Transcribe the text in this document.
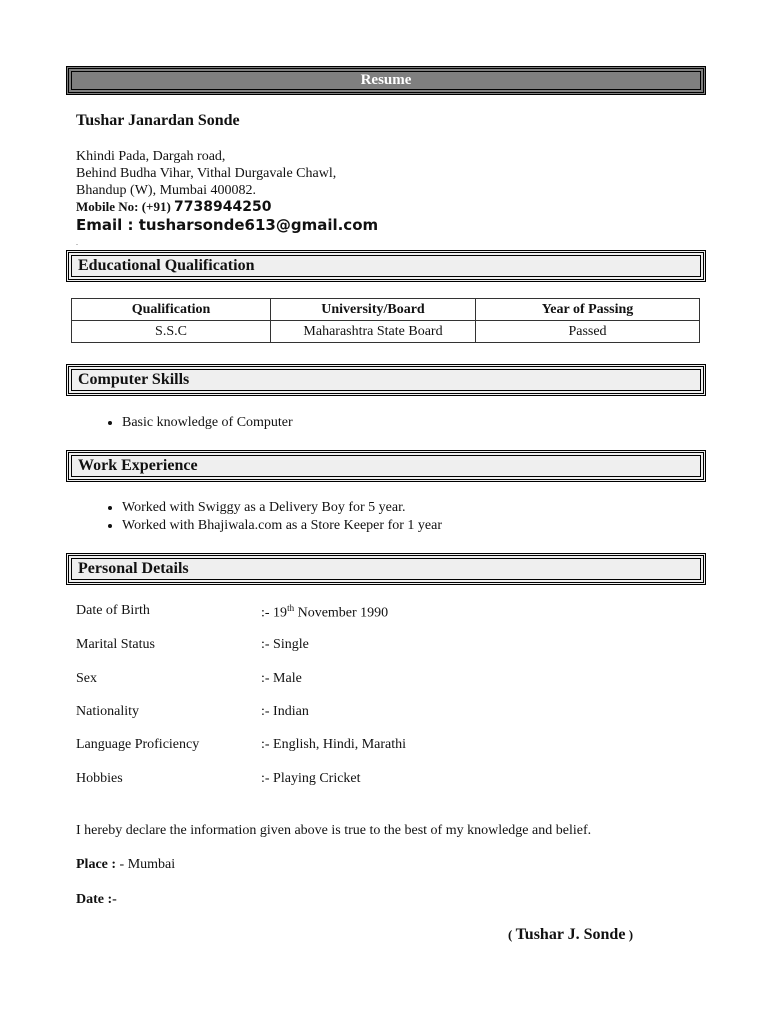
Resume
Tushar Janardan Sonde
Khindi Pada, Dargah road,
Behind Budha Vihar, Vithal Durgavale Chawl,
Bhandup (W), Mumbai 400082.
Mobile No: (+91) 7738944250
Email : tusharsonde613@gmail.com
.
Educational Qualification
Qualification	University/Board	Year of Passing
S.S.C	Maharashtra State Board	Passed
Computer Skills
• Basic knowledge of Computer
Work Experience
• Worked with Swiggy as a Delivery Boy for 5 year.
• Worked with Bhajiwala.com as a Store Keeper for 1 year
Personal Details
Date of Birth	:- 19th November 1990
Marital Status	:- Single
Sex	:- Male
Nationality	:- Indian
Language Proficiency	:- English, Hindi, Marathi
Hobbies	:- Playing Cricket
I hereby declare the information given above is true to the best of my knowledge and belief.
Place : - Mumbai
Date :-
( Tushar J. Sonde )
